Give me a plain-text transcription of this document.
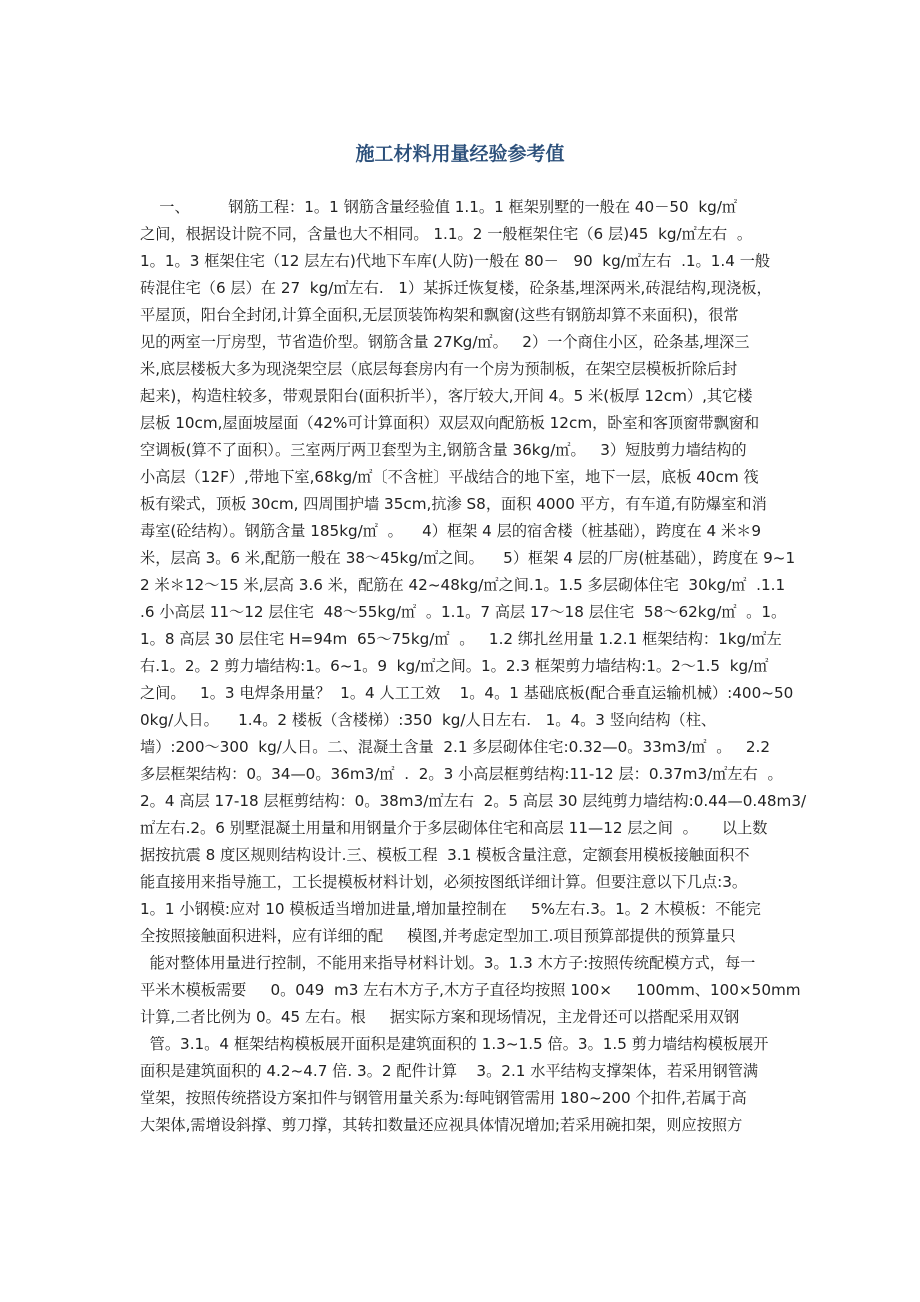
施工材料用量经验参考值
一、        钢筋工程：1。1 钢筋含量经验值 1.1。1 框架别墅的一般在 40－50  kg/㎡
之间，根据设计院不同，含量也大不相同。 1.1。2 一般框架住宅（6 层)45  kg/㎡左右  。
1。1。3 框架住宅（12 层左右)代地下车库(人防)一般在 80－   90  kg/㎡左右  .1。1.4 一般
砖混住宅（6 层）在 27  kg/㎡左右.   1）某拆迁恢复楼，砼条基,埋深两米,砖混结构,现浇板，
平屋顶，阳台全封闭,计算全面积,无层顶装饰构架和飘窗(这些有钢筋却算不来面积)，很常
见的两室一厅房型，节省造价型。钢筋含量 27Kg/㎡。   2）一个商住小区，砼条基,埋深三
米,底层楼板大多为现浇架空层（底层每套房内有一个房为预制板，在架空层模板折除后封
起来)，构造柱较多，带观景阳台(面积折半），客厅较大,开间 4。5 米(板厚 12cm）,其它楼
层板 10cm,屋面坡屋面（42%可计算面积）双层双向配筋板 12cm，卧室和客顶窗带飘窗和
空调板(算不了面积）。三室两厅两卫套型为主,钢筋含量 36kg/㎡。   3）短肢剪力墙结构的
小高层（12F）,带地下室,68kg/㎡〔不含桩〕平战结合的地下室，地下一层，底板 40cm 筏
板有梁式，顶板 30cm, 四周围护墙 35cm,抗渗 S8，面积 4000 平方，有车道,有防爆室和消
毒室(砼结构）。钢筋含量 185kg/㎡  。    4）框架 4 层的宿舍楼（桩基础），跨度在 4 米＊9
米，层高 3。6 米,配筋一般在 38～45kg/㎡之间。    5）框架 4 层的厂房(桩基础），跨度在 9~1
2 米＊12～15 米,层高 3.6 米，配筋在 42~48kg/㎡之间.1。1.5 多层砌体住宅  30kg/㎡  .1.1
.6 小高层 11～12 层住宅  48～55kg/㎡  。1.1。7 高层 17～18 层住宅  58～62kg/㎡  。1。
1。8 高层 30 层住宅 H=94m  65～75kg/㎡  。   1.2 绑扎丝用量 1.2.1 框架结构：1kg/㎡左
右.1。2。2 剪力墙结构:1。6~1。9  kg/㎡之间。1。2.3 框架剪力墙结构:1。2～1.5  kg/㎡
之间。   1。3 电焊条用量？  1。4 人工工效    1。4。1 基础底板(配合垂直运输机械）:400~50
0kg/人日。    1.4。2 楼板（含楼梯）:350  kg/人日左右.   1。4。3 竖向结构（柱、
墙）:200～300  kg/人日。二、混凝土含量  2.1 多层砌体住宅:0.32—0。33m3/㎡  。   2.2
多层框架结构：0。34—0。36m3/㎡  .  2。3 小高层框剪结构:11-12 层：0.37m3/㎡左右  。
2。4 高层 17-18 层框剪结构：0。38m3/㎡左右  2。5 高层 30 层纯剪力墙结构:0.44—0.48m3/
㎡左右.2。6 别墅混凝土用量和用钢量介于多层砌体住宅和高层 11—12 层之间  。     以上数
据按抗震 8 度区规则结构设计.三、模板工程  3.1 模板含量注意，定额套用模板接触面积不
能直接用来指导施工，工长提模板材料计划，必须按图纸详细计算。但要注意以下几点:3。
1。1 小钢模:应对 10 模板适当增加进量,增加量控制在     5%左右.3。1。2 木模板：不能完
全按照接触面积进料，应有详细的配     模图,并考虑定型加工.项目预算部提供的预算量只
能对整体用量进行控制，不能用来指导材料计划。3。1.3 木方子:按照传统配模方式，每一
平米木模板需要     0。049  m3 左右木方子,木方子直径均按照 100×     100mm、100×50mm
计算,二者比例为 0。45 左右。根     据实际方案和现场情况，主龙骨还可以搭配采用双钢
管。3.1。4 框架结构模板展开面积是建筑面积的 1.3~1.5 倍。3。1.5 剪力墙结构模板展开
面积是建筑面积的 4.2~4.7 倍. 3。2 配件计算    3。2.1 水平结构支撑架体，若采用钢管满
堂架，按照传统搭设方案扣件与钢管用量关系为:每吨钢管需用 180~200 个扣件,若属于高
大架体,需增设斜撑、剪刀撑，其转扣数量还应视具体情况增加;若采用碗扣架，则应按照方
